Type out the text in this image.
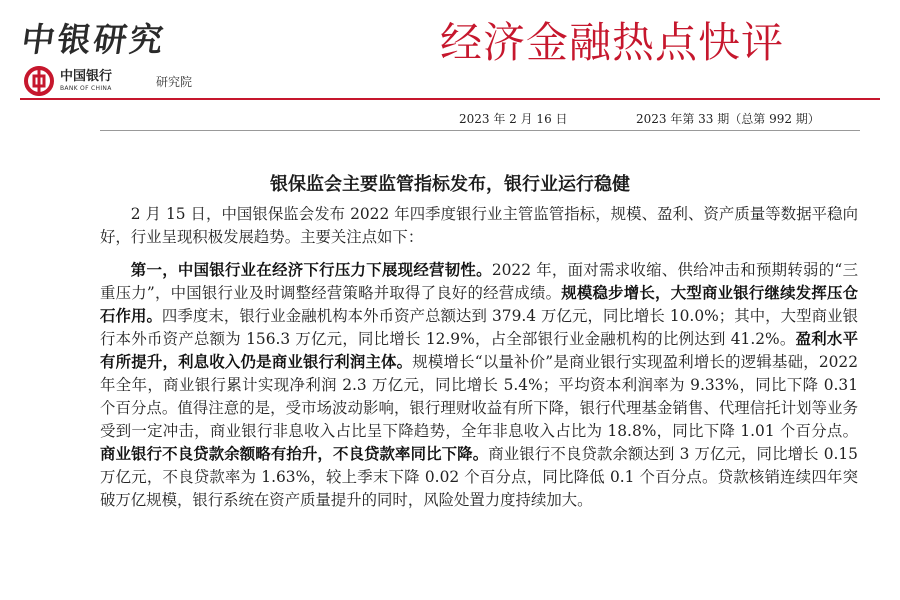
中银研究	经济金融热点快评
中国银行
BANK OF CHINA	研究院
2023 年 2 月 16 日	2023 年第 33 期（总第 992 期）
银保监会主要监管指标发布，银行业运行稳健

2 月 15 日，中国银保监会发布 2022 年四季度银行业主管监管指标，规模、盈利、资产质量等数据平稳向好，行业呈现积极发展趋势。主要关注点如下：

第一，中国银行业在经济下行压力下展现经营韧性。2022 年，面对需求收缩、供给冲击和预期转弱的“三重压力”，中国银行业及时调整经营策略并取得了良好的经营成绩。规模稳步增长，大型商业银行继续发挥压仓石作用。四季度末，银行业金融机构本外币资产总额达到 379.4 万亿元，同比增长 10.0%；其中，大型商业银行本外币资产总额为 156.3 万亿元，同比增长 12.9%，占全部银行业金融机构的比例达到 41.2%。盈利水平有所提升，利息收入仍是商业银行利润主体。规模增长“以量补价”是商业银行实现盈利增长的逻辑基础，2022 年全年，商业银行累计实现净利润 2.3 万亿元，同比增长 5.4%；平均资本利润率为 9.33%，同比下降 0.31 个百分点。值得注意的是，受市场波动影响，银行理财收益有所下降，银行代理基金销售、代理信托计划等业务受到一定冲击，商业银行非息收入占比呈下降趋势，全年非息收入占比为 18.8%，同比下降 1.01 个百分点。商业银行不良贷款余额略有抬升，不良贷款率同比下降。商业银行不良贷款余额达到 3 万亿元，同比增长 0.15 万亿元，不良贷款率为 1.63%，较上季末下降 0.02 个百分点，同比降低 0.1 个百分点。贷款核销连续四年突破万亿规模，银行系统在资产质量提升的同时，风险处置力度持续加大。
